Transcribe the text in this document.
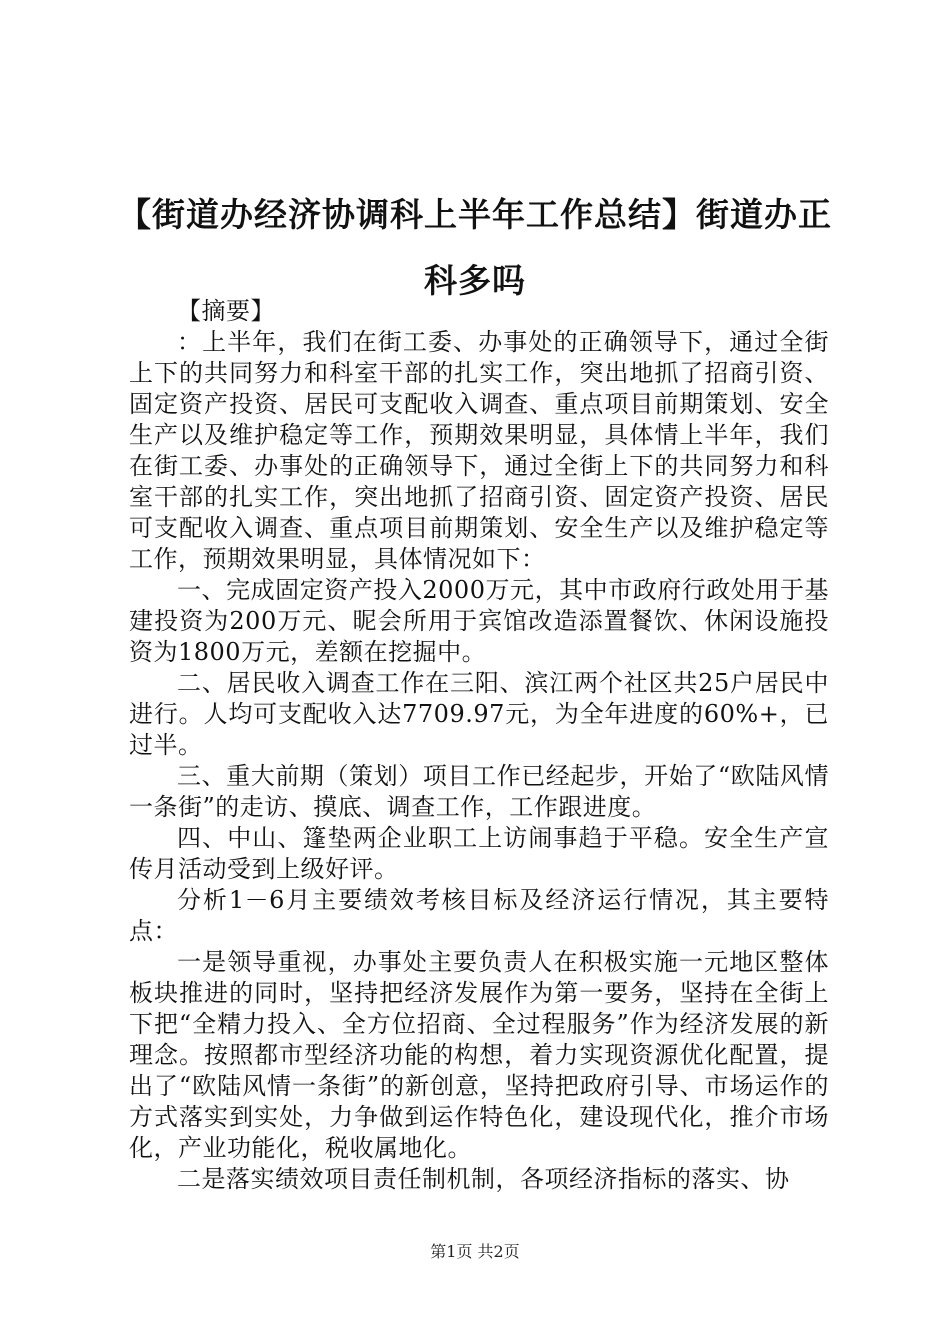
【街道办经济协调科上半年工作总结】街道办正科多吗

【摘要】

：上半年，我们在街工委、办事处的正确领导下，通过全街上下的共同努力和科室干部的扎实工作，突出地抓了招商引资、固定资产投资、居民可支配收入调查、重点项目前期策划、安全生产以及维护稳定等工作，预期效果明显，具体情上半年，我们在街工委、办事处的正确领导下，通过全街上下的共同努力和科室干部的扎实工作，突出地抓了招商引资、固定资产投资、居民可支配收入调查、重点项目前期策划、安全生产以及维护稳定等工作，预期效果明显，具体情况如下：

一、完成固定资产投入2000万元，其中市政府行政处用于基建投资为200万元、昵会所用于宾馆改造添置餐饮、休闲设施投资为1800万元，差额在挖掘中。

二、居民收入调查工作在三阳、滨江两个社区共25户居民中进行。人均可支配收入达7709.97元，为全年进度的60%+，已过半。

三、重大前期（策划）项目工作已经起步，开始了“欧陆风情一条街”的走访、摸底、调查工作，工作跟进度。

四、中山、篷垫两企业职工上访闹事趋于平稳。安全生产宣传月活动受到上级好评。

分析1－6月主要绩效考核目标及经济运行情况，其主要特点：

一是领导重视，办事处主要负责人在积极实施一元地区整体板块推进的同时，坚持把经济发展作为第一要务，坚持在全街上下把“全精力投入、全方位招商、全过程服务”作为经济发展的新理念。按照都市型经济功能的构想，着力实现资源优化配置，提出了“欧陆风情一条街”的新创意，坚持把政府引导、市场运作的方式落实到实处，力争做到运作特色化，建设现代化，推介市场化，产业功能化，税收属地化。

二是落实绩效项目责任制机制，各项经济指标的落实、协

第1页 共2页
